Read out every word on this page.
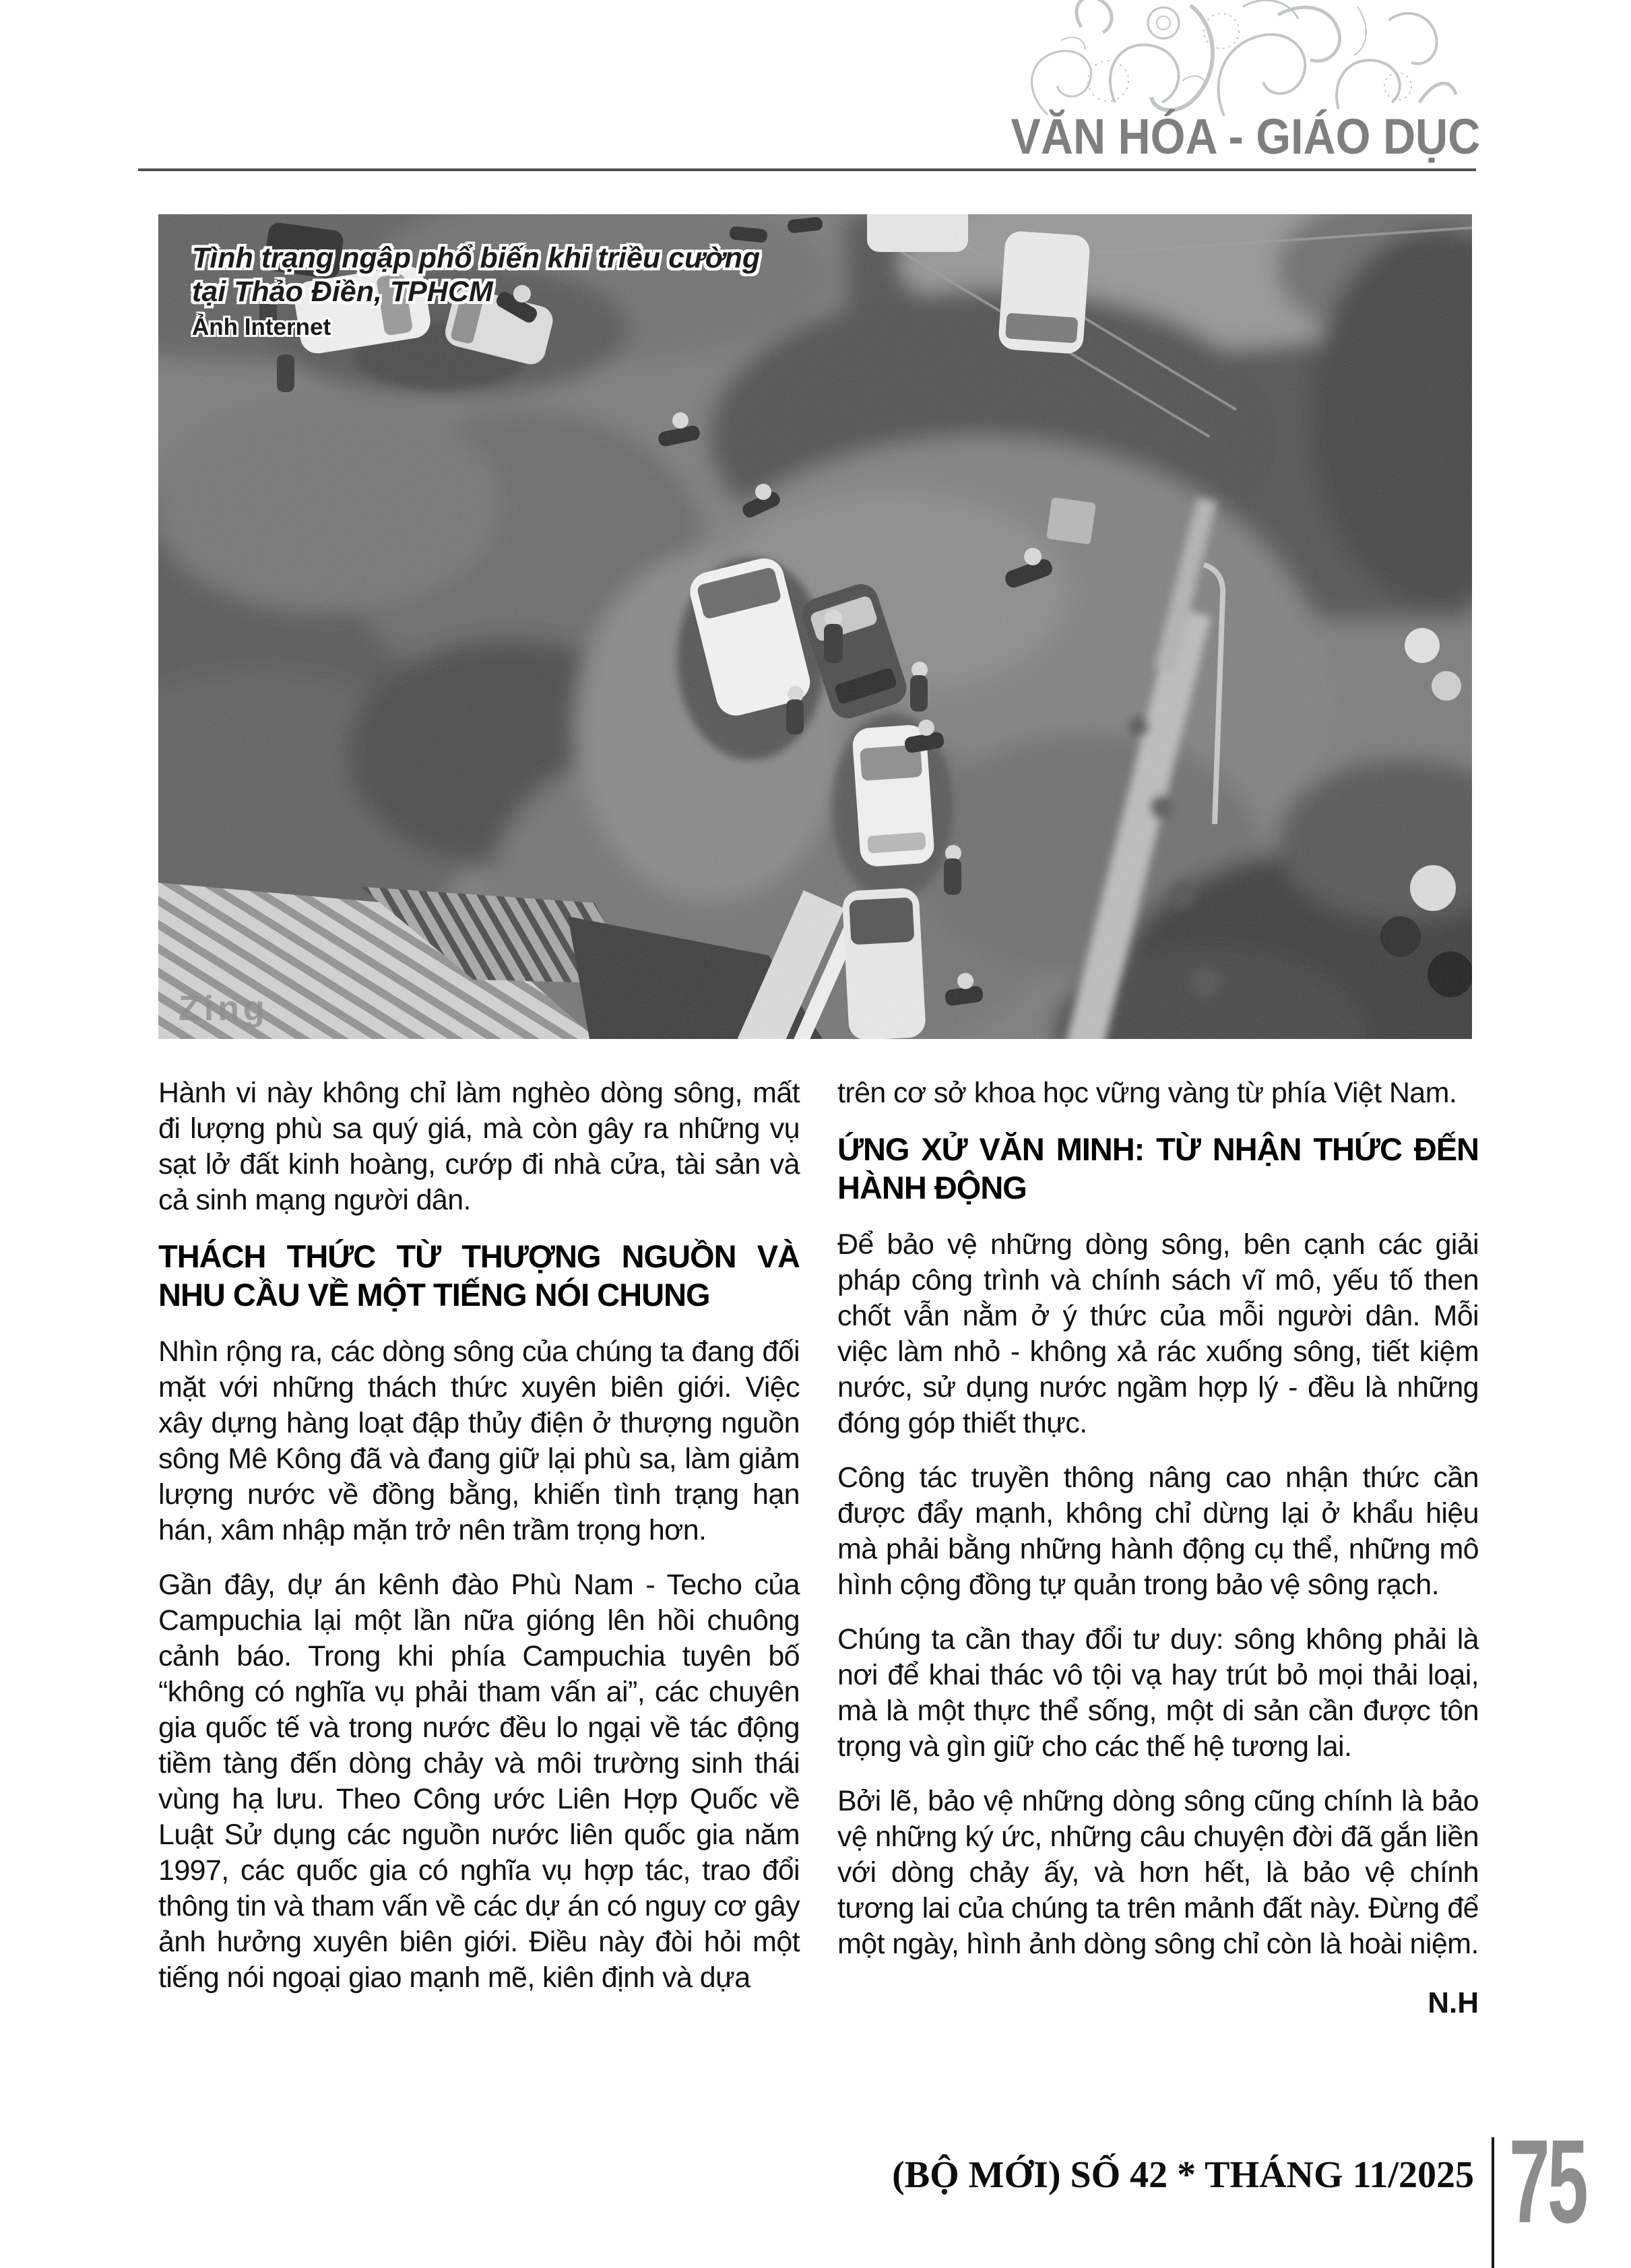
VĂN HÓA - GIÁO DỤC
Zing
Tình trạng ngập phổ biến khi triều cường
tại Thảo Điền, TPHCM
Ảnh Internet

Hành vi này không chỉ làm nghèo dòng sông, mất đi lượng phù sa quý giá, mà còn gây ra những vụ sạt lở đất kinh hoàng, cướp đi nhà cửa, tài sản và cả sinh mạng người dân.

THÁCH THỨC TỪ THƯỢNG NGUỒN VÀ NHU CẦU VỀ MỘT TIẾNG NÓI CHUNG

Nhìn rộng ra, các dòng sông của chúng ta đang đối mặt với những thách thức xuyên biên giới. Việc xây dựng hàng loạt đập thủy điện ở thượng nguồn sông Mê Kông đã và đang giữ lại phù sa, làm giảm lượng nước về đồng bằng, khiến tình trạng hạn hán, xâm nhập mặn trở nên trầm trọng hơn.

Gần đây, dự án kênh đào Phù Nam - Techo của Campuchia lại một lần nữa gióng lên hồi chuông cảnh báo. Trong khi phía Campuchia tuyên bố “không có nghĩa vụ phải tham vấn ai”, các chuyên gia quốc tế và trong nước đều lo ngại về tác động tiềm tàng đến dòng chảy và môi trường sinh thái vùng hạ lưu. Theo Công ước Liên Hợp Quốc về Luật Sử dụng các nguồn nước liên quốc gia năm 1997, các quốc gia có nghĩa vụ hợp tác, trao đổi thông tin và tham vấn về các dự án có nguy cơ gây ảnh hưởng xuyên biên giới. Điều này đòi hỏi một tiếng nói ngoại giao mạnh mẽ, kiên định và dựa

trên cơ sở khoa học vững vàng từ phía Việt Nam.

ỨNG XỬ VĂN MINH: TỪ NHẬN THỨC ĐẾN HÀNH ĐỘNG

Để bảo vệ những dòng sông, bên cạnh các giải pháp công trình và chính sách vĩ mô, yếu tố then chốt vẫn nằm ở ý thức của mỗi người dân. Mỗi việc làm nhỏ - không xả rác xuống sông, tiết kiệm nước, sử dụng nước ngầm hợp lý - đều là những đóng góp thiết thực.

Công tác truyền thông nâng cao nhận thức cần được đẩy mạnh, không chỉ dừng lại ở khẩu hiệu mà phải bằng những hành động cụ thể, những mô hình cộng đồng tự quản trong bảo vệ sông rạch.

Chúng ta cần thay đổi tư duy: sông không phải là nơi để khai thác vô tội vạ hay trút bỏ mọi thải loại, mà là một thực thể sống, một di sản cần được tôn trọng và gìn giữ cho các thế hệ tương lai.

Bởi lẽ, bảo vệ những dòng sông cũng chính là bảo vệ những ký ức, những câu chuyện đời đã gắn liền với dòng chảy ấy, và hơn hết, là bảo vệ chính tương lai của chúng ta trên mảnh đất này. Đừng để một ngày, hình ảnh dòng sông chỉ còn là hoài niệm.

N.H
(BỘ MỚI) SỐ 42 * THÁNG 11/2025 75
